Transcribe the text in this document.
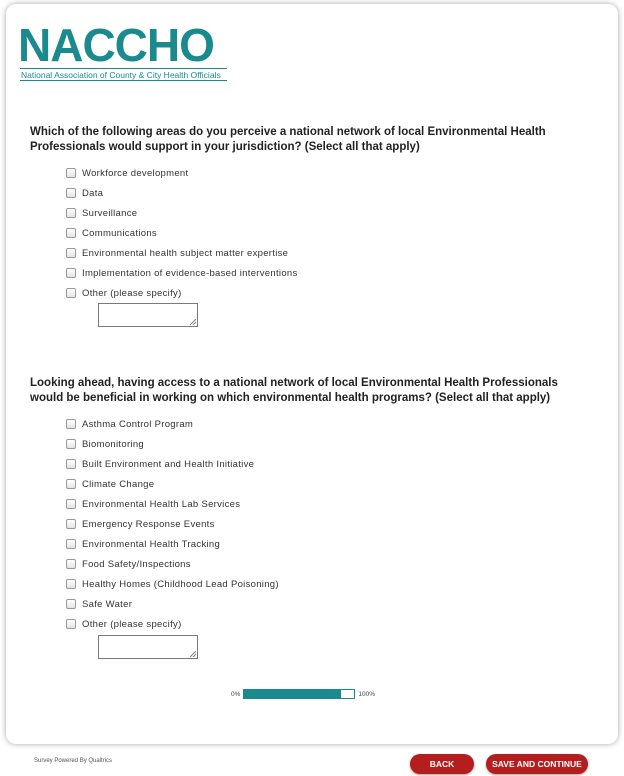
NACCHO
National Association of County & City Health Officials
Which of the following areas do you perceive a national network of local Environmental Health Professionals would support in your jurisdiction? (Select all that apply)
Workforce development
Data
Surveillance
Communications
Environmental health subject matter expertise
Implementation of evidence-based interventions
Other (please specify)
Looking ahead, having access to a national network of local Environmental Health Professionals would be beneficial in working on which environmental health programs? (Select all that apply)
Asthma Control Program
Biomonitoring
Built Environment and Health Initiative
Climate Change
Environmental Health Lab Services
Emergency Response Events
Environmental Health Tracking
Food Safety/Inspections
Healthy Homes (Childhood Lead Poisoning)
Safe Water
Other (please specify)
0%	100%
Survey Powered By Qualtrics	BACK	SAVE AND CONTINUE
